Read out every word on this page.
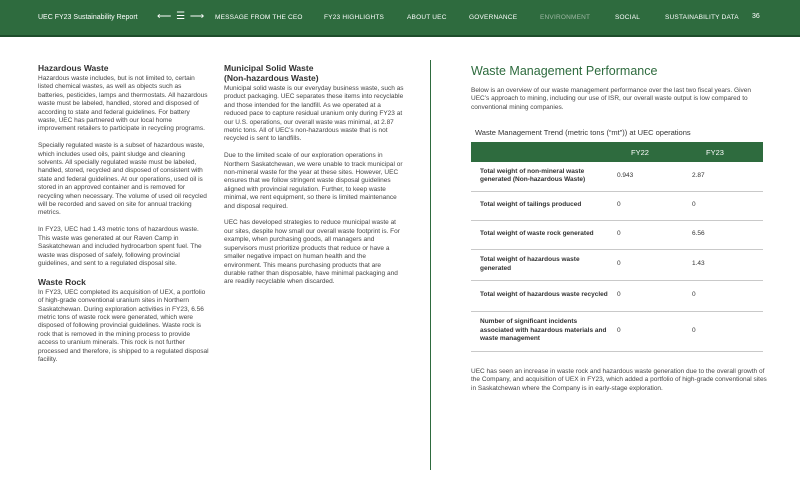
UEC FY23 Sustainability Report ⟵ ☰ ⟶ MESSAGE FROM THE CEO	FY23 HIGHLIGHTS	ABOUT UEC	GOVERNANCE	ENVIRONMENT	SOCIAL	SUSTAINABILITY DATA 36
Hazardous Waste

Hazardous waste includes, but is not limited to, certain listed chemical wastes, as well as objects such as batteries, pesticides, lamps and thermostats. All hazardous waste must be labeled, handled, stored and disposed of according to state and federal guidelines. For battery waste, UEC has partnered with our local home improvement retailers to participate in recycling programs.

Specially regulated waste is a subset of hazardous waste, which includes used oils, paint sludge and cleaning solvents. All specially regulated waste must be labeled, handled, stored, recycled and disposed of consistent with state and federal guidelines. At our operations, used oil is stored in an approved container and is removed for recycling when necessary. The volume of used oil recycled will be recorded and saved on site for annual tracking metrics.

In FY23, UEC had 1.43 metric tons of hazardous waste. This waste was generated at our Raven Camp in Saskatchewan and included hydrocarbon spent fuel. The waste was disposed of safely, following provincial guidelines, and sent to a regulated disposal site.

Waste Rock

In FY23, UEC completed its acquisition of UEX, a portfolio of high-grade conventional uranium sites in Northern Saskatchewan. During exploration activities in FY23, 6.56 metric tons of waste rock were generated, which were disposed of following provincial guidelines. Waste rock is rock that is removed in the mining process to provide access to uranium minerals. This rock is not further processed and therefore, is shipped to a regulated disposal facility.

Municipal Solid Waste
(Non-hazardous Waste)

Municipal solid waste is our everyday business waste, such as product packaging. UEC separates these items into recyclable and those intended for the landfill. As we operated at a reduced pace to capture residual uranium only during FY23 at our U.S. operations, our overall waste was minimal, at 2.87 metric tons. All of UEC’s non-hazardous waste that is not recycled is sent to landfills.

Due to the limited scale of our exploration operations in Northern Saskatchewan, we were unable to track municipal or non-mineral waste for the year at these sites. However, UEC ensures that we follow stringent waste disposal guidelines aligned with provincial regulation. Further, to keep waste minimal, we rent equipment, so there is limited maintenance and disposal required.

UEC has developed strategies to reduce municipal waste at our sites, despite how small our overall waste footprint is. For example, when purchasing goods, all managers and supervisors must prioritize products that reduce or have a smaller negative impact on human health and the environment. This means purchasing products that are durable rather than disposable, have minimal packaging and are readily recyclable when discarded.

Waste Management Performance
Below is an overview of our waste management performance over the last two fiscal years. Given UEC’s approach to mining, including our use of ISR, our overall waste output is low compared to conventional mining companies.
Waste Management Trend (metric tons (“mt”)) at UEC operations
	FY22	FY23
Total weight of non-mineral waste generated (Non-hazardous Waste)	0.943	2.87
Total weight of tailings produced	0	0
Total weight of waste rock generated	0	6.56
Total weight of hazardous waste generated	0	1.43
Total weight of hazardous waste recycled	0	0
Number of significant incidents associated with hazardous materials and waste management	0	0
UEC has seen an increase in waste rock and hazardous waste generation due to the overall growth of the Company, and acquisition of UEX in FY23, which added a portfolio of high-grade conventional sites in Saskatchewan where the Company is in early-stage exploration.
